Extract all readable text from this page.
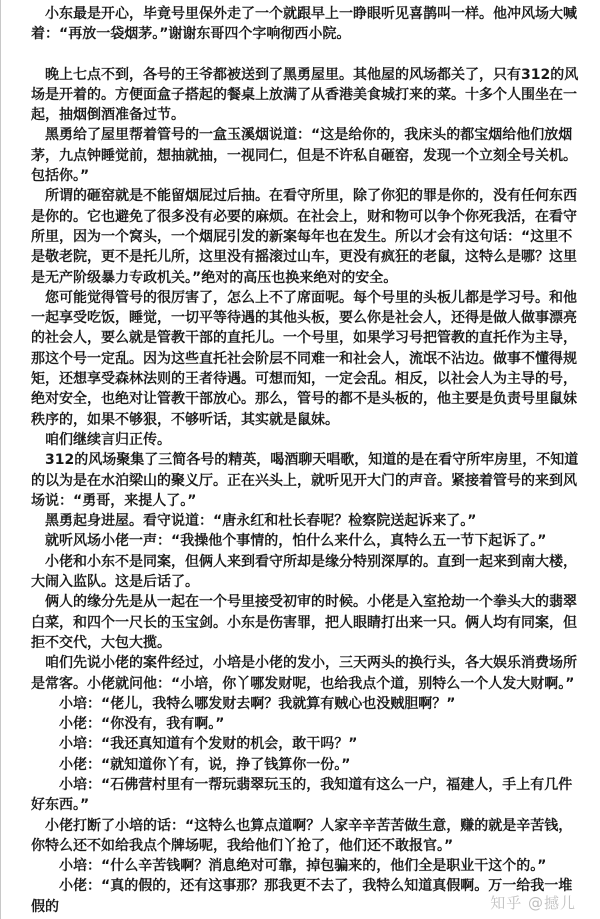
小东最是开心，毕竟号里保外走了一个就跟早上一睁眼听见喜鹊叫一样。他冲风场大喊着：“再放一袋烟茅。”谢谢东哥四个字响彻西小院。

晚上七点不到，各号的王爷都被送到了黑勇屋里。其他屋的风场都关了，只有312的风场是开着的。方便面盒子搭起的餐桌上放满了从香港美食城打来的菜。十多个人围坐在一起，抽烟倒酒准备过节。

黑勇给了屋里帮着管号的一盒玉溪烟说道：“这是给你的，我床头的都宝烟给他们放烟茅，九点钟睡觉前，想抽就抽，一视同仁，但是不许私自砸窑，发现一个立刻全号关机。包括你。”

所谓的砸窑就是不能留烟屁过后抽。在看守所里，除了你犯的罪是你的，没有任何东西是你的。它也避免了很多没有必要的麻烦。在社会上，财和物可以争个你死我活，在看守所里，因为一个窝头，一个烟屁引发的新案每年也在发生。所以才会有这句话：“这里不是敬老院，更不是托儿所，这里没有摇滚过山车，更没有疯狂的老鼠，这特么是哪？这里是无产阶级暴力专政机关。”绝对的高压也换来绝对的安全。

您可能觉得管号的很厉害了，怎么上不了席面呢。每个号里的头板儿都是学习号。和他一起享受吃饭，睡觉，一切平等待遇的其他头板，要么你是社会人，还得是做人做事漂亮的社会人，要么就是管教干部的直托儿。一个号里，如果学习号把管教的直托作为主导，那这个号一定乱。因为这些直托社会阶层不同难一和社会人，流氓不沾边。做事不懂得规矩，还想享受森林法则的王者待遇。可想而知，一定会乱。相反，以社会人为主导的号，绝对安全，也绝对让管教干部放心。那么，管号的都不是头板的，他主要是负责号里鼠妹秩序的，如果不够狠，不够听话，其实就是鼠妹。

咱们继续言归正传。

312的风场聚集了三简各号的精英，喝酒聊天唱歌，知道的是在看守所牢房里，不知道的以为是在水泊梁山的聚义厅。正在兴头上，就听见开大门的声音。紧接着管号的来到风场说：“勇哥，来提人了。”

黑勇起身进屋。看守说道：“唐永红和杜长春呢？检察院送起诉来了。”

就听风场小佬一声：“我操他个事情的，怕什么来什么，真特么五一节下起诉了。”

小佬和小东不是同案，但俩人来到看守所却是缘分特别深厚的。直到一起来到南大楼，大闹入监队。这是后话了。

俩人的缘分先是从一起在一个号里接受初审的时候。小佬是入室抢劫一个拳头大的翡翠白菜，和四个一尺长的玉宝剑。小东是伤害罪，把人眼睛打出来一只。俩人均有同案，但拒不交代，大包大揽。

咱们先说小佬的案件经过，小培是小佬的发小，三天两头的换行头，各大娱乐消费场所是常客。小佬就问他：“小培，你丫哪发财呢，也给我点个道，别特么一个人发大财啊。”

小培：“佬儿，我特么哪发财去啊？我就算有贼心也没贼胆啊？”

小佬：“你没有，我有啊。”

小培：“我还真知道有个发财的机会，敢干吗？”

小佬：“就知道你丫有，说，挣了钱算你一份。”

小培：“石佛营村里有一帮玩翡翠玩玉的，我知道有这么一户，福建人，手上有几件好东西。”

小佬打断了小培的话：“这特么也算点道啊？人家辛辛苦苦做生意，赚的就是辛苦钱，你特么还不如给我点个牌场呢，我给他们丫抢了，他们还不敢报官。”

小培：“什么辛苦钱啊？消息绝对可靠，掉包骗来的，他们全是职业干这个的。”

小佬：“真的假的，还有这事那？那我更不去了，我特么知道真假啊。万一给我一堆假的	知乎 @撼儿
